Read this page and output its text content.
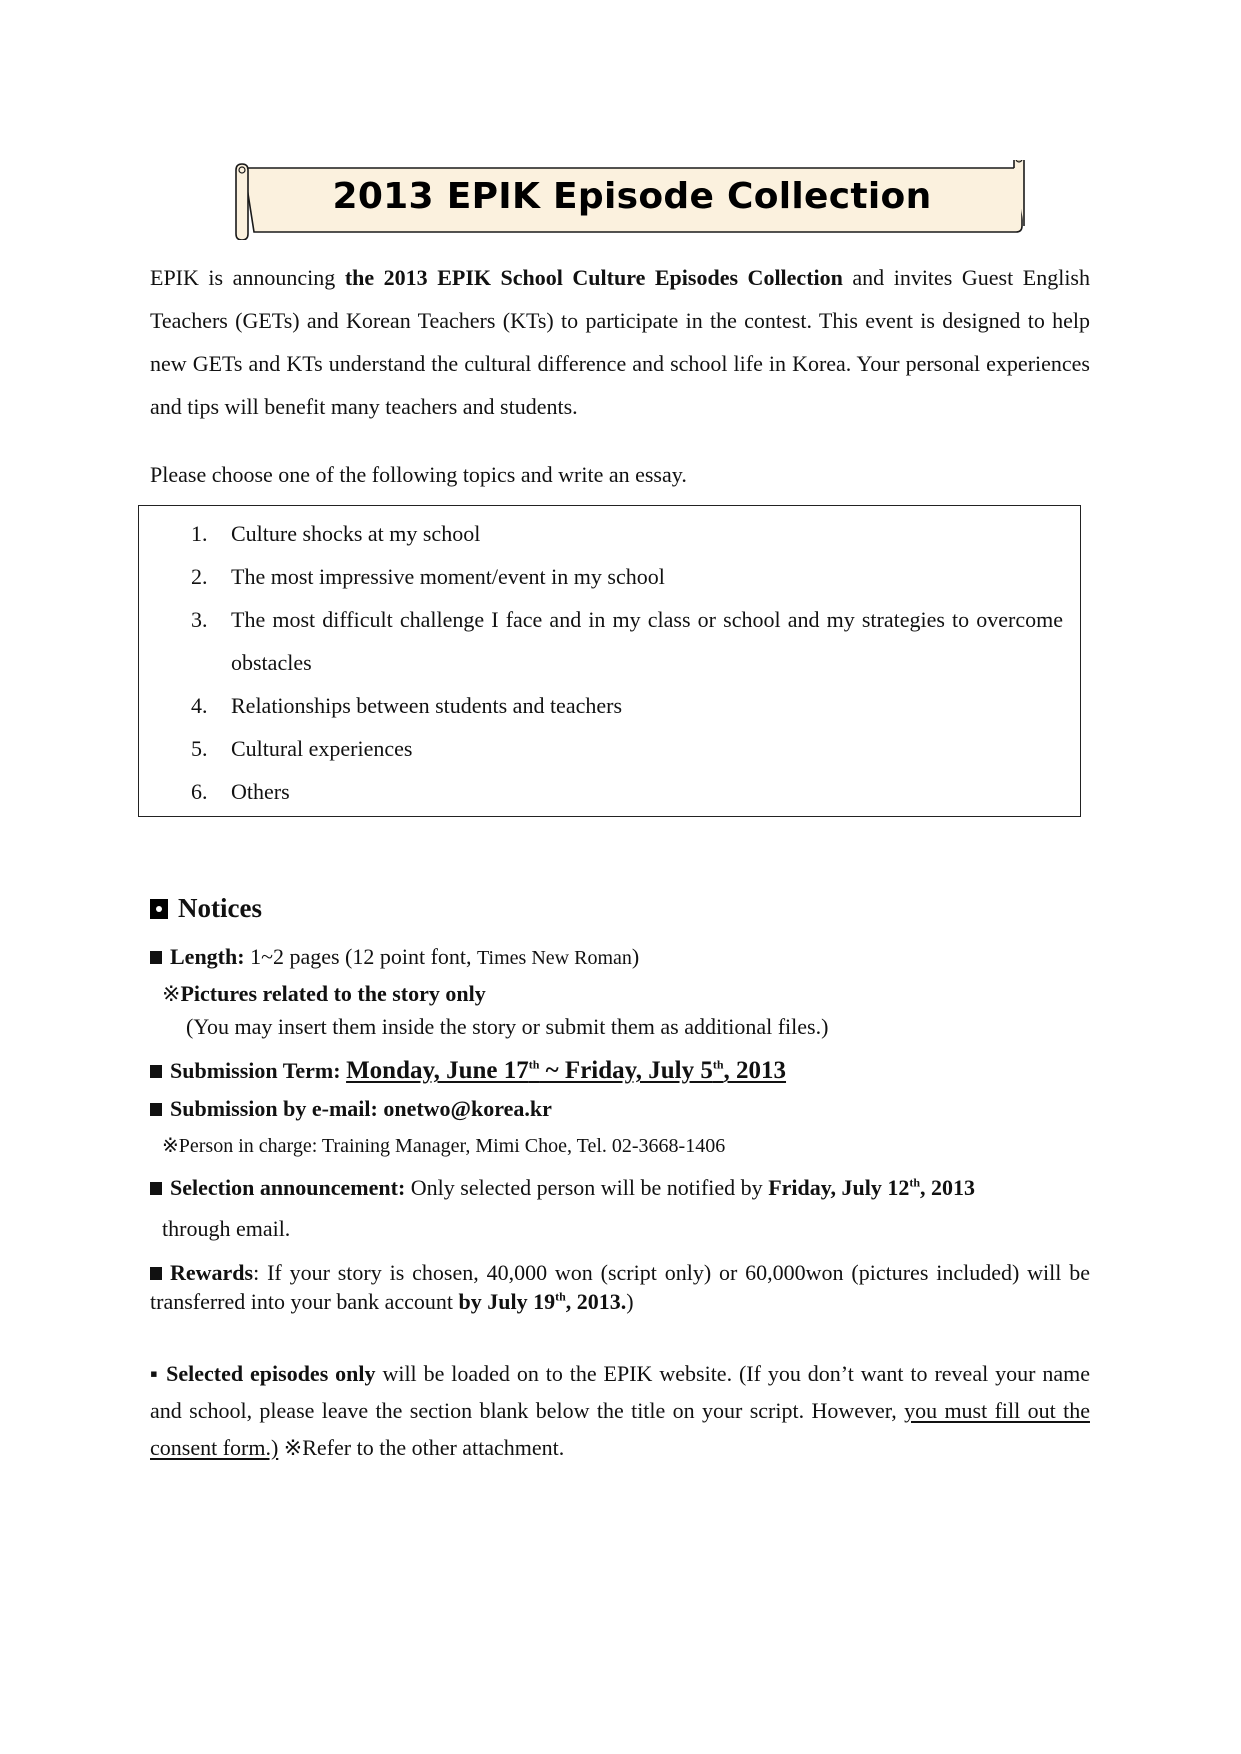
2013 EPIK Episode Collection
EPIK is announcing the 2013 EPIK School Culture Episodes Collection and invites Guest English Teachers (GETs) and Korean Teachers (KTs) to participate in the contest. This event is designed to help new GETs and KTs understand the cultural difference and school life in Korea. Your personal experiences and tips will benefit many teachers and students.
Please choose one of the following topics and write an essay.
1. Culture shocks at my school
2. The most impressive moment/event in my school
3. The most difficult challenge I face and in my class or school and my strategies to overcome obstacles
4. Relationships between students and teachers
5. Cultural experiences
6. Others
Notices
Length: 1~2 pages (12 point font, Times New Roman)
※Pictures related to the story only
(You may insert them inside the story or submit them as additional files.)
Submission Term: Monday, June 17th ~ Friday, July 5th, 2013
Submission by e-mail: onetwo@korea.kr
※Person in charge: Training Manager, Mimi Choe, Tel. 02-3668-1406
Selection announcement: Only selected person will be notified by Friday, July 12th, 2013
through email.
Rewards: If your story is chosen, 40,000 won (script only) or 60,000won (pictures included) will be transferred into your bank account by July 19th, 2013.)
▪ Selected episodes only will be loaded on to the EPIK website. (If you don’t want to reveal your name and school, please leave the section blank below the title on your script. However, you must fill out the consent form.) ※Refer to the other attachment.
